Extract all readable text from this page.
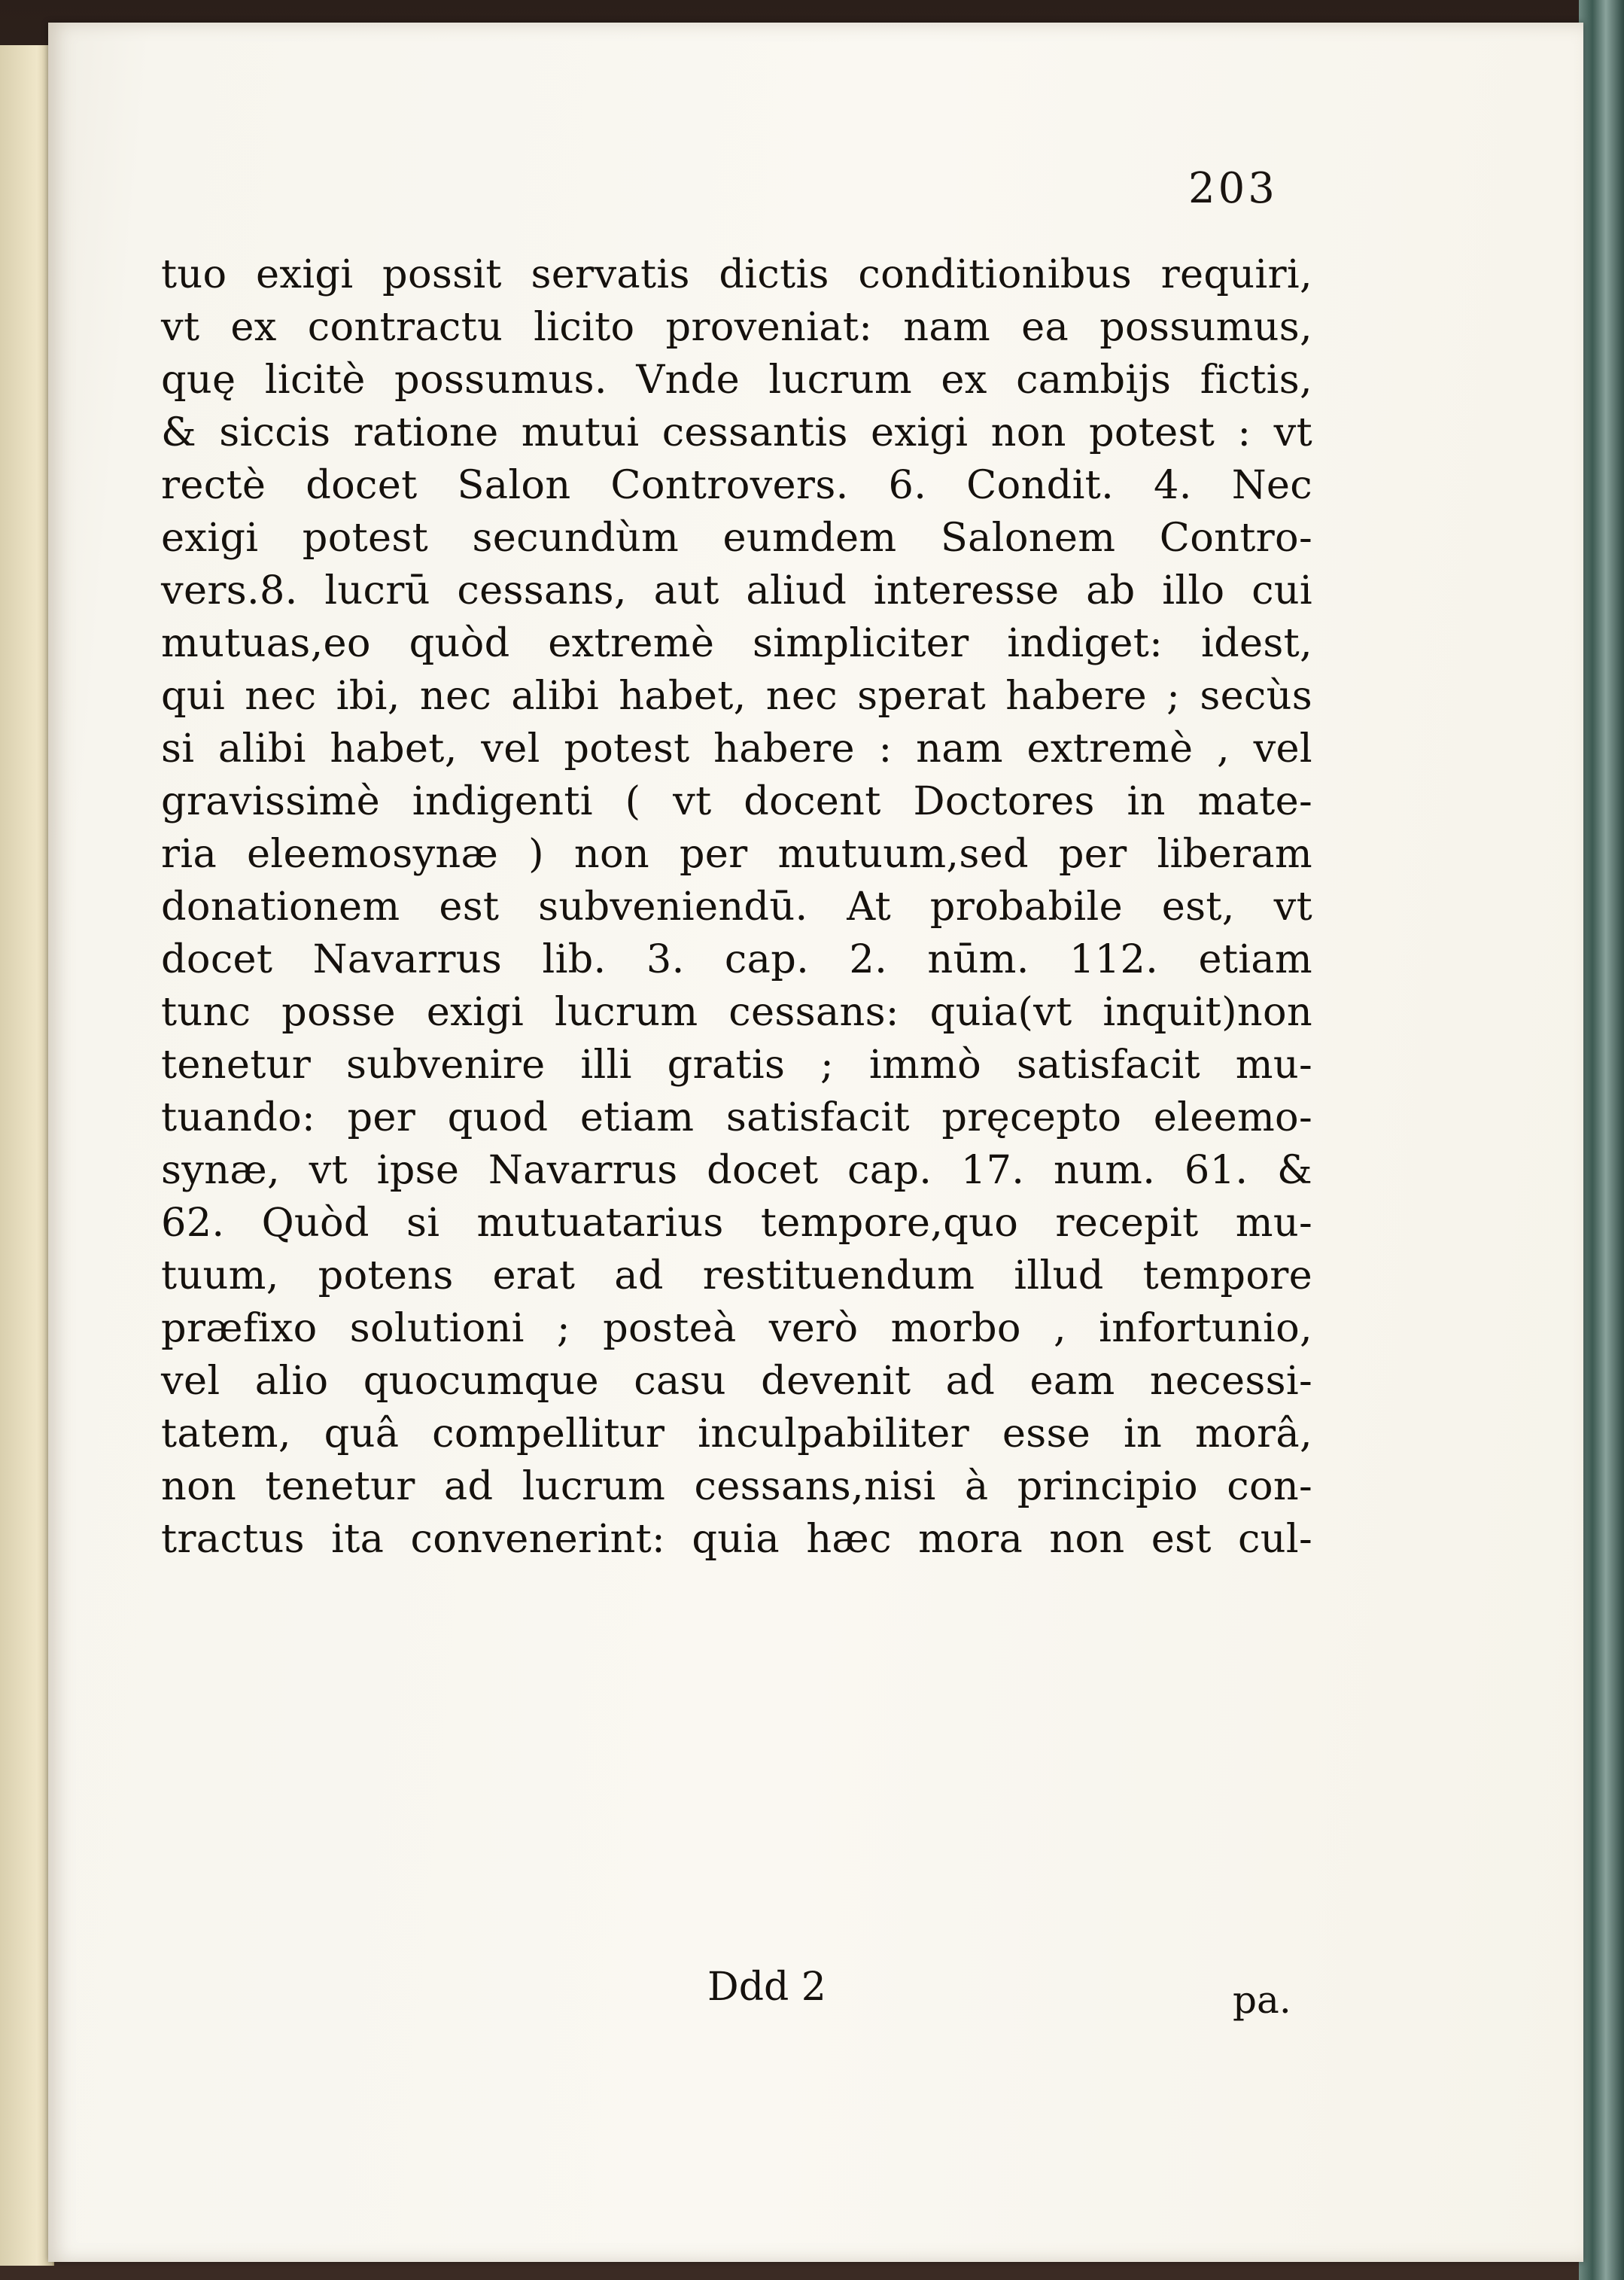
203
tuo exigi possit servatis dictis conditionibus requiri,
vt ex contractu licito proveniat: nam ea possumus,
quę licitè possumus. Vnde lucrum ex cambijs fictis,
& siccis ratione mutui cessantis exigi non potest : vt
rectè docet Salon Controvers. 6. Condit. 4. Nec
exigi potest secundùm eumdem Salonem Contro-
vers.8. lucrū cessans, aut aliud interesse ab illo cui
mutuas,eo quòd extremè simpliciter indiget: idest,
qui nec ibi, nec alibi habet, nec sperat habere ; secùs
si alibi habet, vel potest habere : nam extremè , vel
gravissimè indigenti ( vt docent Doctores in mate-
ria eleemosynæ ) non per mutuum,sed per liberam
donationem est subveniendū. At probabile est, vt
docet Navarrus lib. 3. cap. 2. nūm. 112. etiam
tunc posse exigi lucrum cessans: quia(vt inquit)non
tenetur subvenire illi gratis ; immò satisfacit mu-
tuando: per quod etiam satisfacit pręcepto eleemo-
synæ, vt ipse Navarrus docet cap. 17. num. 61. &
62. Quòd si mutuatarius tempore,quo recepit mu-
tuum, potens erat ad restituendum illud tempore
præfixo solutioni ; posteà verò morbo , infortunio,
vel alio quocumque casu devenit ad eam necessi-
tatem, quâ compellitur inculpabiliter esse in morâ,
non tenetur ad lucrum cessans,nisi à principio con-
tractus ita convenerint: quia hæc mora non est cul-
Ddd 2	pa.
